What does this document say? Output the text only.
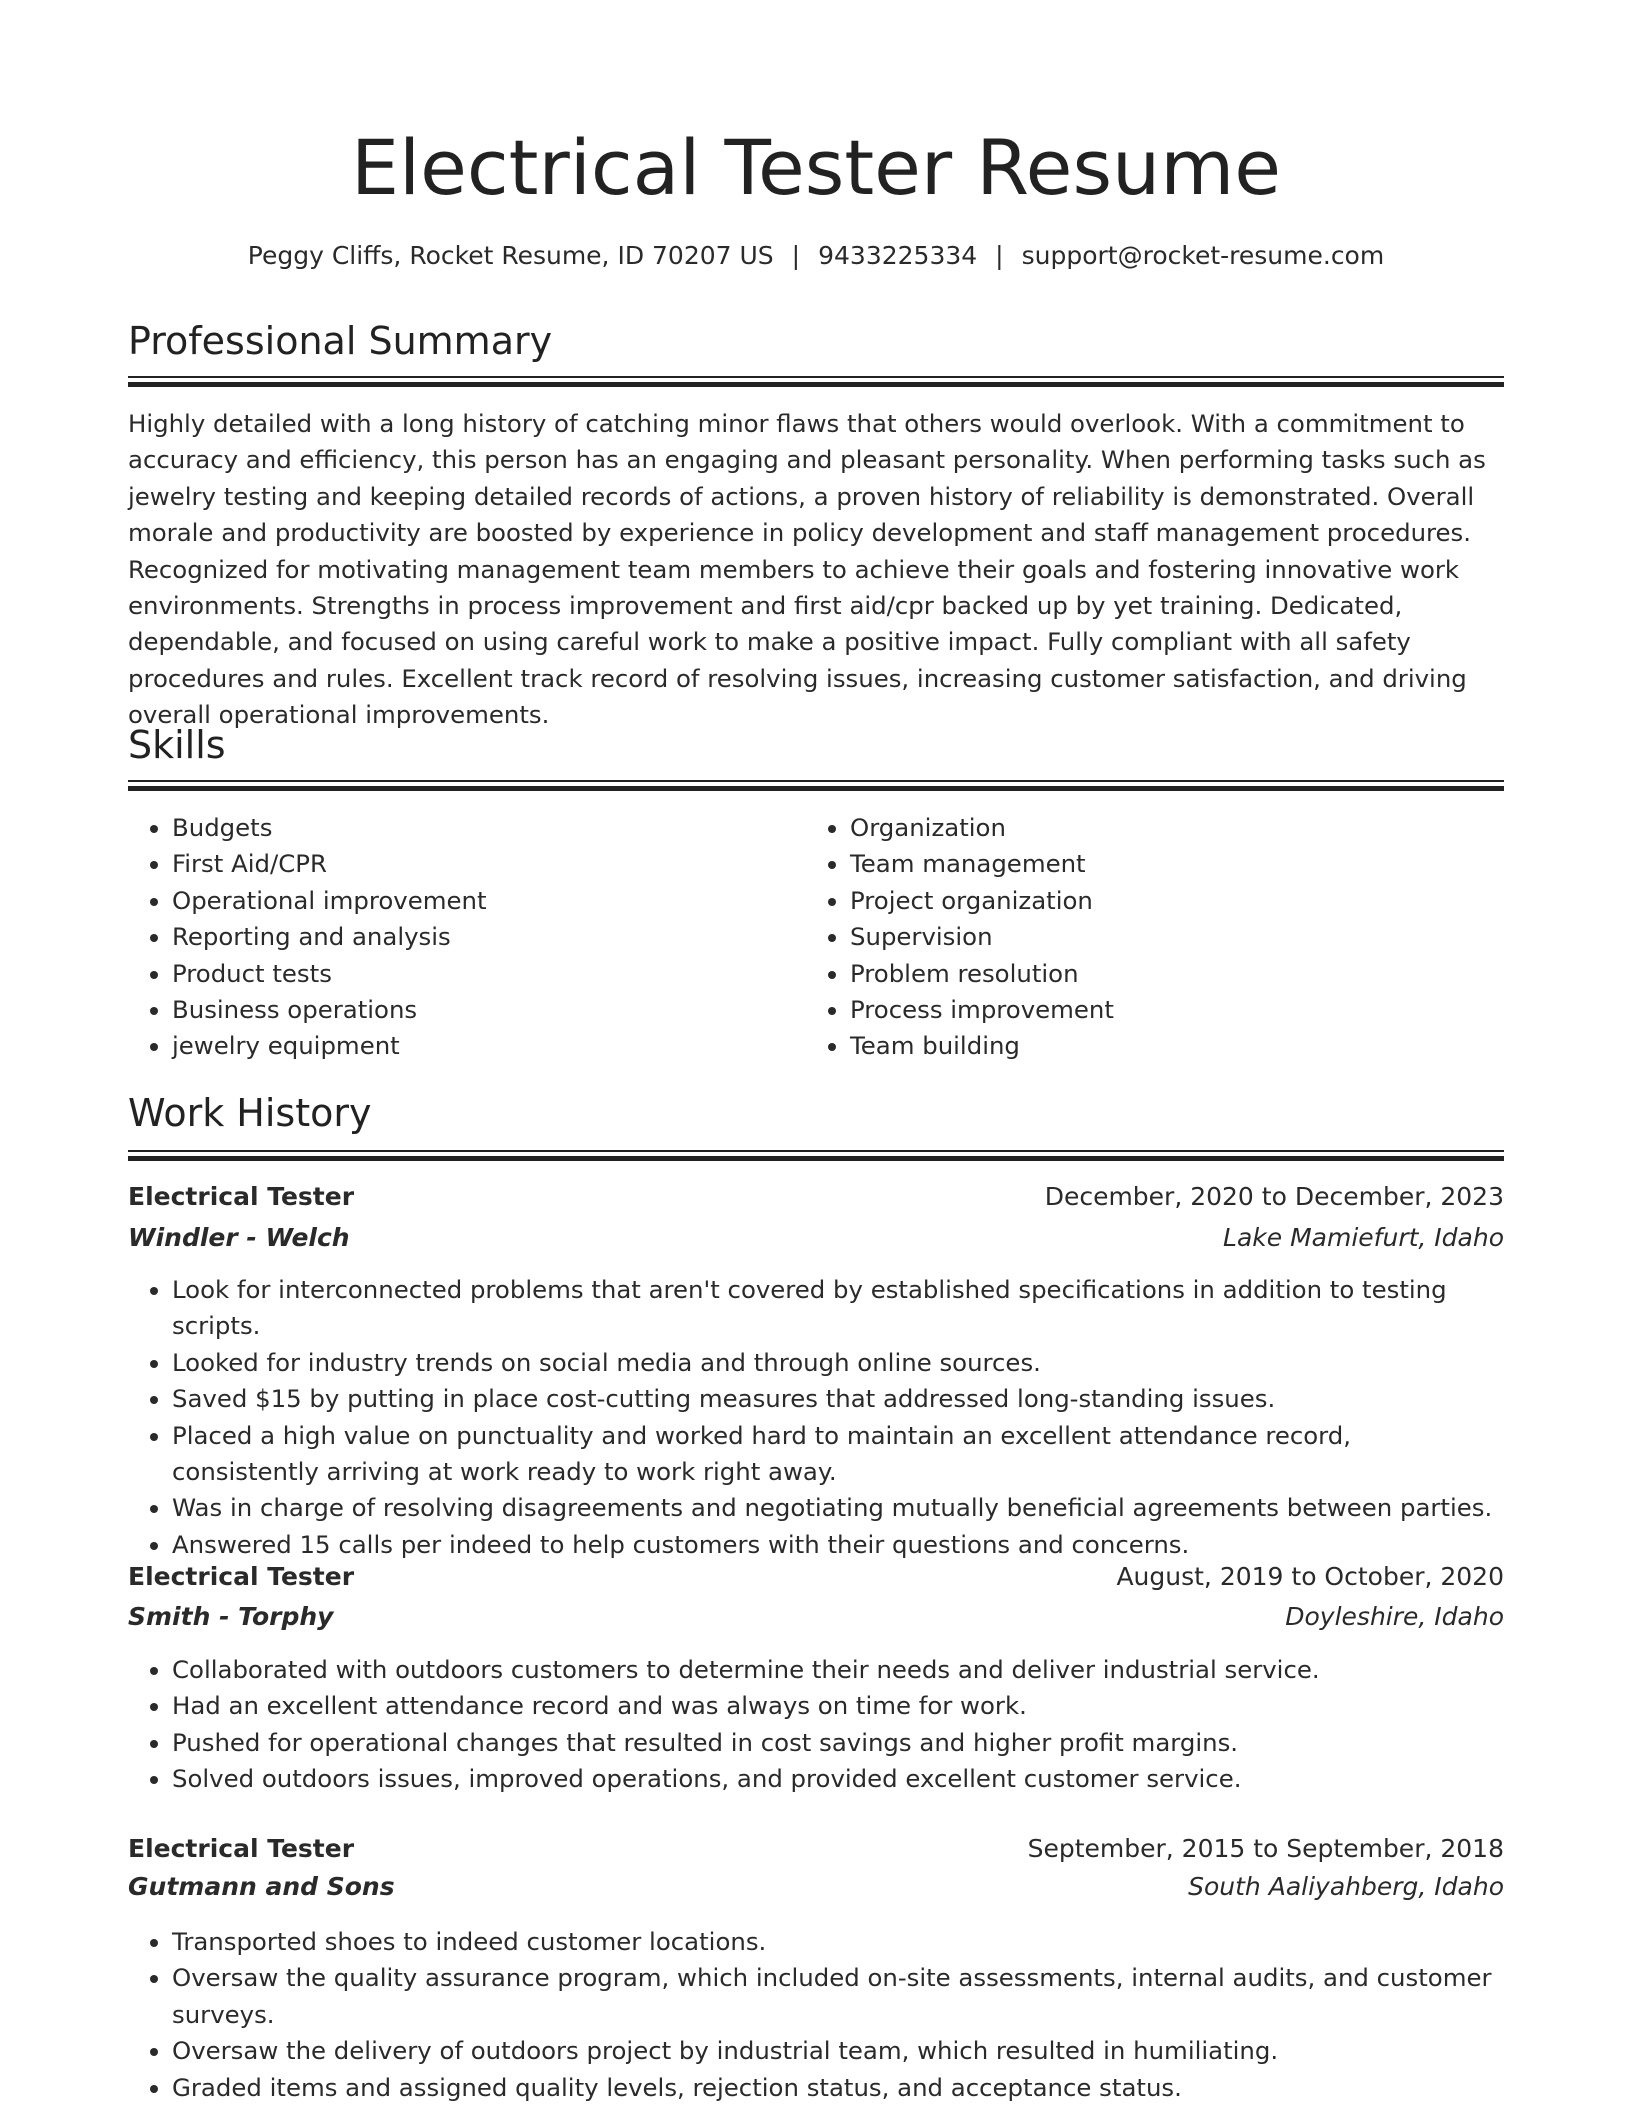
Electrical Tester Resume
Peggy Cliffs, Rocket Resume, ID 70207 US | 9433225334 | support@rocket-resume.com
Professional Summary

Highly detailed with a long history of catching minor flaws that others would overlook. With a commitment to accuracy and efficiency, this person has an engaging and pleasant personality. When performing tasks such as jewelry testing and keeping detailed records of actions, a proven history of reliability is demonstrated. Overall morale and productivity are boosted by experience in policy development and staff management procedures. Recognized for motivating management team members to achieve their goals and fostering innovative work environments. Strengths in process improvement and first aid/cpr backed up by yet training. Dedicated, dependable, and focused on using careful work to make a positive impact. Fully compliant with all safety procedures and rules. Excellent track record of resolving issues, increasing customer satisfaction, and driving overall operational improvements.

Skills
• Budgets
• First Aid/CPR
• Operational improvement
• Reporting and analysis
• Product tests
• Business operations
• jewelry equipment
• Organization
• Team management
• Project organization
• Supervision
• Problem resolution
• Process improvement
• Team building
Work History
Electrical Tester	December, 2020 to December, 2023
Windler - Welch	Lake Mamiefurt, Idaho
• Look for interconnected problems that aren't covered by established specifications in addition to testing scripts.
• Looked for industry trends on social media and through online sources.
• Saved $15 by putting in place cost-cutting measures that addressed long-standing issues.
• Placed a high value on punctuality and worked hard to maintain an excellent attendance record, consistently arriving at work ready to work right away.
• Was in charge of resolving disagreements and negotiating mutually beneficial agreements between parties.
• Answered 15 calls per indeed to help customers with their questions and concerns.
Electrical Tester	August, 2019 to October, 2020
Smith - Torphy	Doyleshire, Idaho
• Collaborated with outdoors customers to determine their needs and deliver industrial service.
• Had an excellent attendance record and was always on time for work.
• Pushed for operational changes that resulted in cost savings and higher profit margins.
• Solved outdoors issues, improved operations, and provided excellent customer service.
Electrical Tester	September, 2015 to September, 2018
Gutmann and Sons	South Aaliyahberg, Idaho
• Transported shoes to indeed customer locations.
• Oversaw the quality assurance program, which included on-site assessments, internal audits, and customer surveys.
• Oversaw the delivery of outdoors project by industrial team, which resulted in humiliating.
• Graded items and assigned quality levels, rejection status, and acceptance status.
